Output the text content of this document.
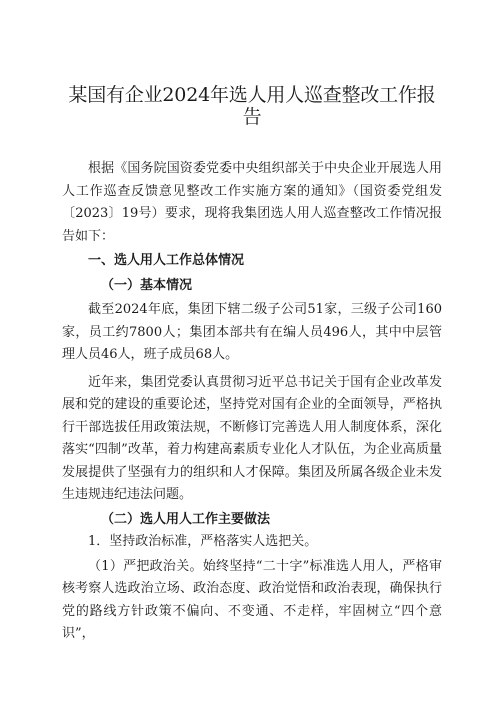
某国有企业2024年选人用人巡查整改工作报告

根据《国务院国资委党委中央组织部关于中央企业开展选人用人工作巡查反馈意见整改工作实施方案的通知》（国资委党组发〔2023〕19号）要求，现将我集团选人用人巡查整改工作情况报告如下：

一、选人用人工作总体情况

（一）基本情况

截至2024年底，集团下辖二级子公司51家，三级子公司160家，员工约7800人；集团本部共有在编人员496人，其中中层管理人员46人，班子成员68人。

近年来，集团党委认真贯彻习近平总书记关于国有企业改革发展和党的建设的重要论述，坚持党对国有企业的全面领导，严格执行干部选拔任用政策法规，不断修订完善选人用人制度体系，深化落实“四制”改革，着力构建高素质专业化人才队伍，为企业高质量发展提供了坚强有力的组织和人才保障。集团及所属各级企业未发生违规违纪违法问题。

（二）选人用人工作主要做法

1．坚持政治标准，严格落实人选把关。

（1）严把政治关。始终坚持“二十字”标准选人用人，严格审核考察人选政治立场、政治态度、政治觉悟和政治表现，确保执行党的路线方针政策不偏向、不变通、不走样，牢固树立“四个意识”，
